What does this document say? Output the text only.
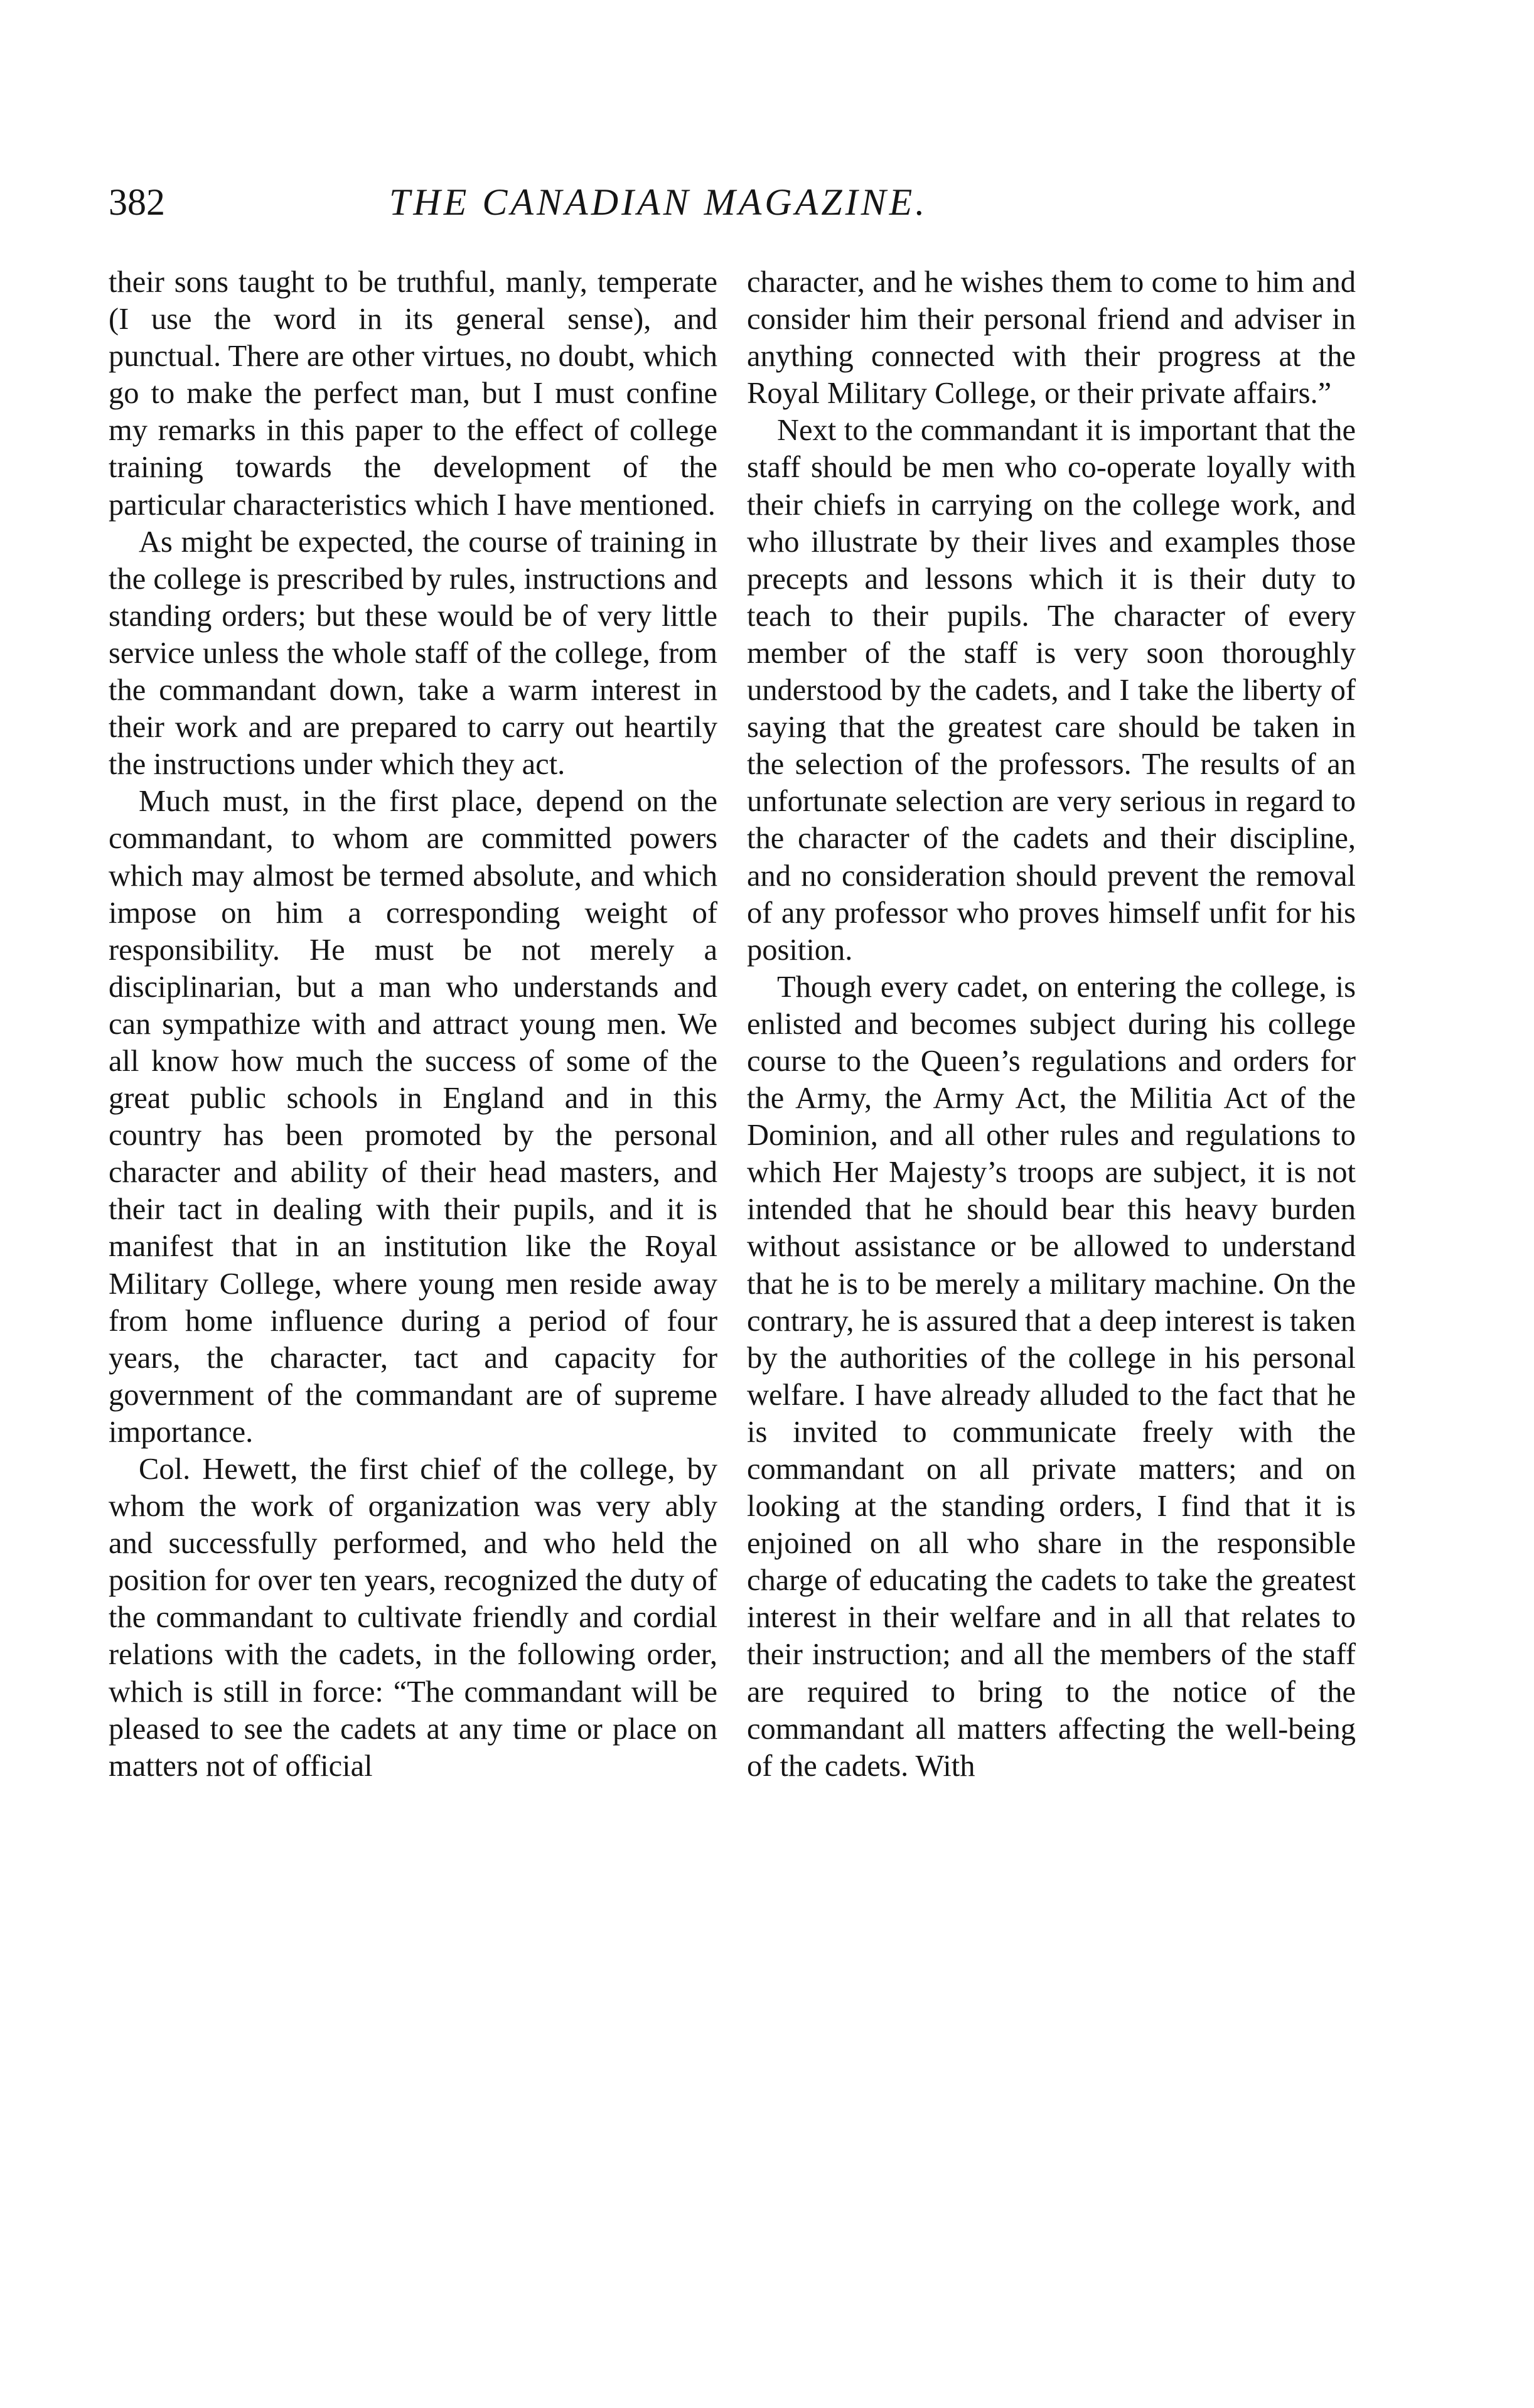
382	THE CANADIAN MAGAZINE.

their sons taught to be truthful, manly, temperate (I use the word in its general sense), and punctual. There are other virtues, no doubt, which go to make the perfect man, but I must confine my remarks in this paper to the effect of college training towards the development of the particular characteristics which I have mentioned.

As might be expected, the course of training in the college is prescribed by rules, instructions and standing orders; but these would be of very little service unless the whole staff of the college, from the commandant down, take a warm interest in their work and are prepared to carry out heartily the instructions under which they act.

Much must, in the first place, depend on the commandant, to whom are committed powers which may almost be termed absolute, and which impose on him a corresponding weight of responsibility. He must be not merely a disciplinarian, but a man who understands and can sympathize with and attract young men. We all know how much the success of some of the great public schools in England and in this country has been promoted by the personal character and ability of their head masters, and their tact in dealing with their pupils, and it is manifest that in an institution like the Royal Military College, where young men reside away from home influence during a period of four years, the character, tact and capacity for government of the commandant are of supreme importance.

Col. Hewett, the first chief of the college, by whom the work of organization was very ably and successfully performed, and who held the position for over ten years, recognized the duty of the commandant to cultivate friendly and cordial relations with the cadets, in the following order, which is still in force: “The commandant will be pleased to see the cadets at any time or place on matters not of official

character, and he wishes them to come to him and consider him their personal friend and adviser in anything connected with their progress at the Royal Military College, or their private affairs.”

Next to the commandant it is important that the staff should be men who co-operate loyally with their chiefs in carrying on the college work, and who illustrate by their lives and examples those precepts and lessons which it is their duty to teach to their pupils. The character of every member of the staff is very soon thoroughly understood by the cadets, and I take the liberty of saying that the greatest care should be taken in the selection of the professors. The results of an unfortunate selection are very serious in regard to the character of the cadets and their discipline, and no consideration should prevent the removal of any professor who proves himself unfit for his position.

Though every cadet, on entering the college, is enlisted and becomes subject during his college course to the Queen’s regulations and orders for the Army, the Army Act, the Militia Act of the Dominion, and all other rules and regulations to which Her Majesty’s troops are subject, it is not intended that he should bear this heavy burden without assistance or be allowed to understand that he is to be merely a military machine. On the contrary, he is assured that a deep interest is taken by the authorities of the college in his personal welfare. I have already alluded to the fact that he is invited to communicate freely with the commandant on all private matters; and on looking at the standing orders, I find that it is enjoined on all who share in the responsible charge of educating the cadets to take the greatest interest in their welfare and in all that relates to their instruction; and all the members of the staff are required to bring to the notice of the commandant all matters affecting the well-being of the cadets. With
